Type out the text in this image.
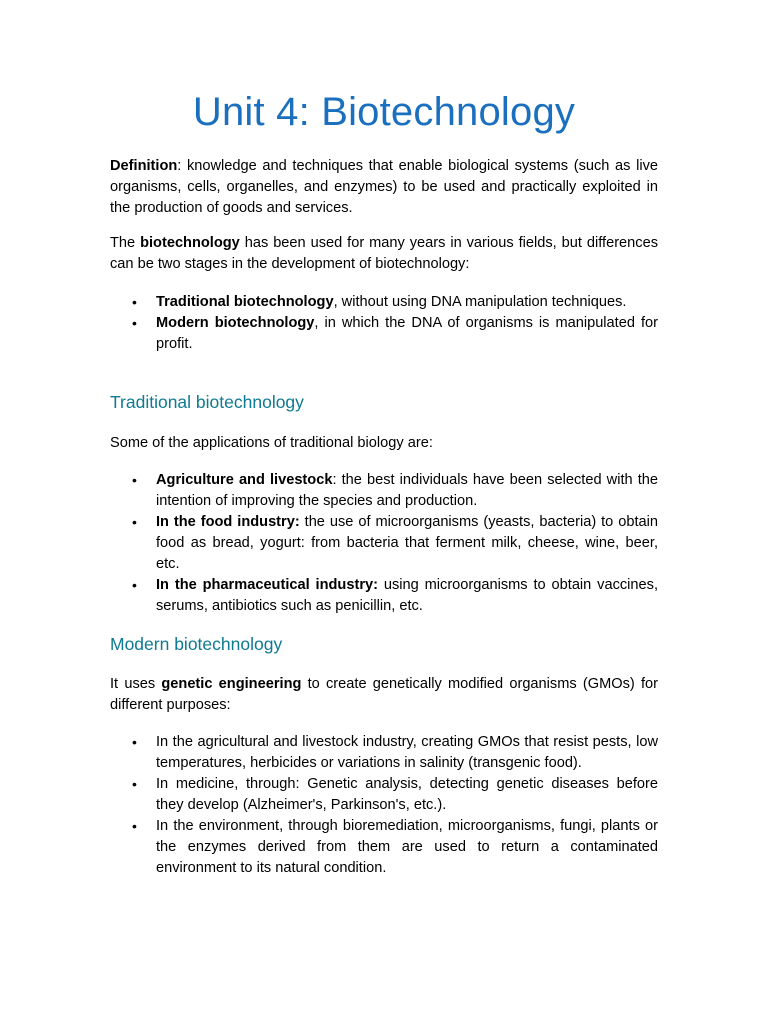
Unit 4: Biotechnology

Definition: knowledge and techniques that enable biological systems (such as live organisms, cells, organelles, and enzymes) to be used and practically exploited in the production of goods and services.

The biotechnology has been used for many years in various fields, but differences can be two stages in the development of biotechnology:

• Traditional biotechnology, without using DNA manipulation techniques.
• Modern biotechnology, in which the DNA of organisms is manipulated for profit.
Traditional biotechnology

Some of the applications of traditional biology are:

• Agriculture and livestock: the best individuals have been selected with the intention of improving the species and production.
• In the food industry: the use of microorganisms (yeasts, bacteria) to obtain food as bread, yogurt: from bacteria that ferment milk, cheese, wine, beer, etc.
• In the pharmaceutical industry: using microorganisms to obtain vaccines, serums, antibiotics such as penicillin, etc.
Modern biotechnology

It uses genetic engineering to create genetically modified organisms (GMOs) for different purposes:

• In the agricultural and livestock industry, creating GMOs that resist pests, low temperatures, herbicides or variations in salinity (transgenic food).
• In medicine, through: Genetic analysis, detecting genetic diseases before they develop (Alzheimer's, Parkinson's, etc.).
• In the environment, through bioremediation, microorganisms, fungi, plants or the enzymes derived from them are used to return a contaminated environment to its natural condition.
